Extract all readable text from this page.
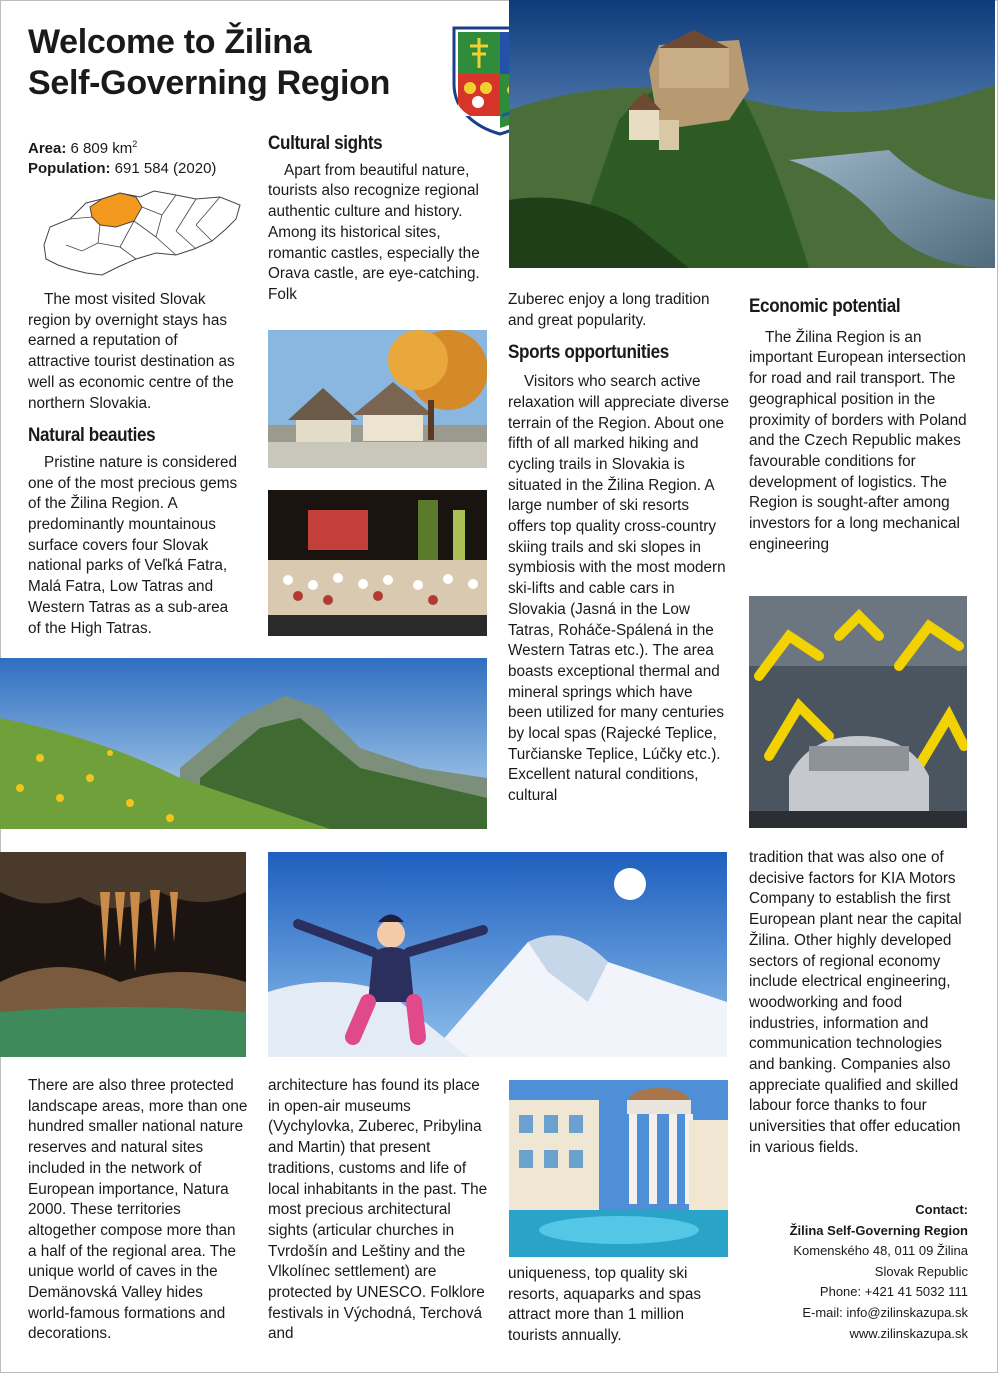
Welcome to Žilina
Self-Governing Region
Area: 6 809 $km^2$
Population: 691 584 (2020)

The most visited Slovak region by overnight stays has earned a reputation of attractive tourist destination as well as economic centre of the northern Slovakia.

Natural beauties

Pristine nature is considered one of the most precious gems of the Žilina Region. A predominantly mountainous surface covers four Slovak national parks of Veľká Fatra, Malá Fatra, Low Tatras and Western Tatras as a sub-area of the High Tatras.

Cultural sights

Apart from beautiful nature, tourists also recognize regional authentic culture and history. Among its historical sites, romantic castles, especially the Orava castle, are eye-catching. Folk	Zuberec enjoy a long tradition and great popularity.

Sports opportunities

Visitors who search active relaxation will appreciate diverse terrain of the Region. About one fifth of all marked hiking and cycling trails in Slovakia is situated in the Žilina Region. A large number of ski resorts offers top quality cross-country skiing trails and ski slopes in symbiosis with the most modern ski-lifts and cable cars in Slovakia (Jasná in the Low Tatras, Roháče-Spálená in the Western Tatras etc.). The area boasts exceptional thermal and mineral springs which have been utilized for many centuries by local spas (Rajecké Teplice, Turčianske Teplice, Lúčky etc.). Excellent natural conditions, cultural

Economic potential

The Žilina Region is an important European intersection for road and rail transport. The geographical position in the proximity of borders with Poland and the Czech Republic makes favourable conditions for development of logistics. The Region is sought-after among investors for a long mechanical engineering

There are also three protected landscape areas, more than one hundred smaller national nature reserves and natural sites included in the network of European importance, Natura 2000. These territories altogether compose more than a half of the regional area. The unique world of caves in the Demänovská Valley hides world-famous formations and decorations.

architecture has found its place in open-air museums (Vychylovka, Zuberec, Pribylina and Martin) that present traditions, customs and life of local inhabitants in the past. The most precious architectural sights (articular churches in Tvrdošín and Leštiny and the Vlkolínec settlement) are protected by UNESCO. Folklore festivals in Východná, Terchová and

uniqueness, top quality ski resorts, aquaparks and spas attract more than 1 million tourists annually.

tradition that was also one of decisive factors for KIA Motors Company to establish the first European plant near the capital Žilina. Other highly developed sectors of regional economy include electrical engineering, woodworking and food industries, information and communication technologies and banking. Companies also appreciate qualified and skilled labour force thanks to four universities that offer education in various fields.

Contact:
Žilina Self-Governing Region
Komenského 48, 011 09 Žilina
Slovak Republic
Phone: +421 41 5032 111
E-mail: info@zilinskazupa.sk
www.zilinskazupa.sk
